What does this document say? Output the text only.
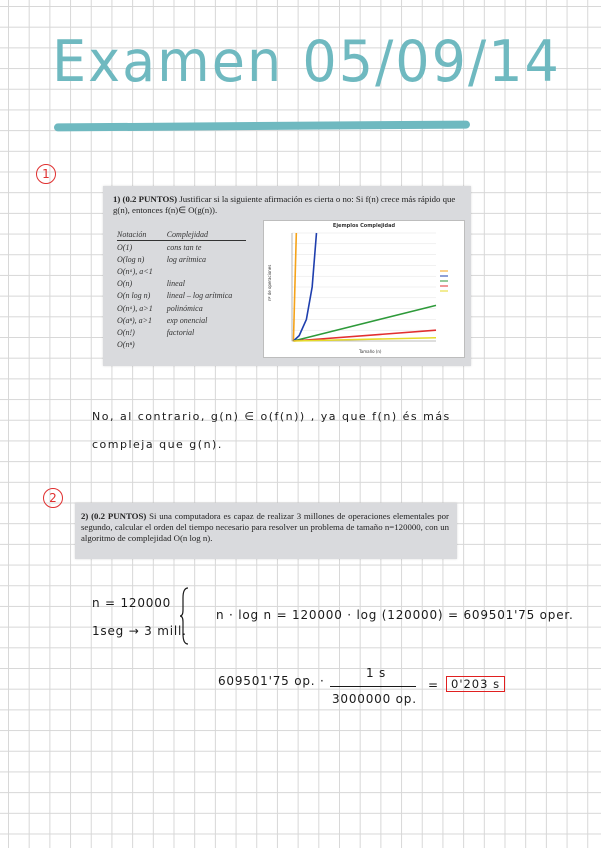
Examen 05/09/14
1
1) (0.2 PUNTOS) Justificar si la siguiente afirmación es cierta o no: Si f(n) crece más rápido que g(n), entonces f(n)∈ O(g(n)).
Notación	Complejidad
O(1)	cons tan te
O(log n)	log arítmica
O(nᵃ), a<1	
O(n)	lineal
O(n log n)	lineal – log arítmica
O(nᵃ), a>1	polinómica
O(aⁿ), a>1	exp onencial
O(n!)	factorial
O(nⁿ)	
Ejemplos Complejidad
nº de operaciones
Tamaño (n)
No, al contrario, g(n) ∈ o(f(n)) , ya que f(n) és más
compleja que g(n).
2
2) (0.2 PUNTOS) Si una computadora es capaz de realizar 3 millones de operaciones elementales por segundo, calcular el orden del tiempo necesario para resolver un problema de tamaño n=120000, con un algoritmo de complejidad O(n log n).
n = 120000
1seg → 3 mill.
n · log n = 120000 · log (120000) = 609501'75 oper.
609501'75 op. ·
1 s
3000000 op.
=	0'203 s
